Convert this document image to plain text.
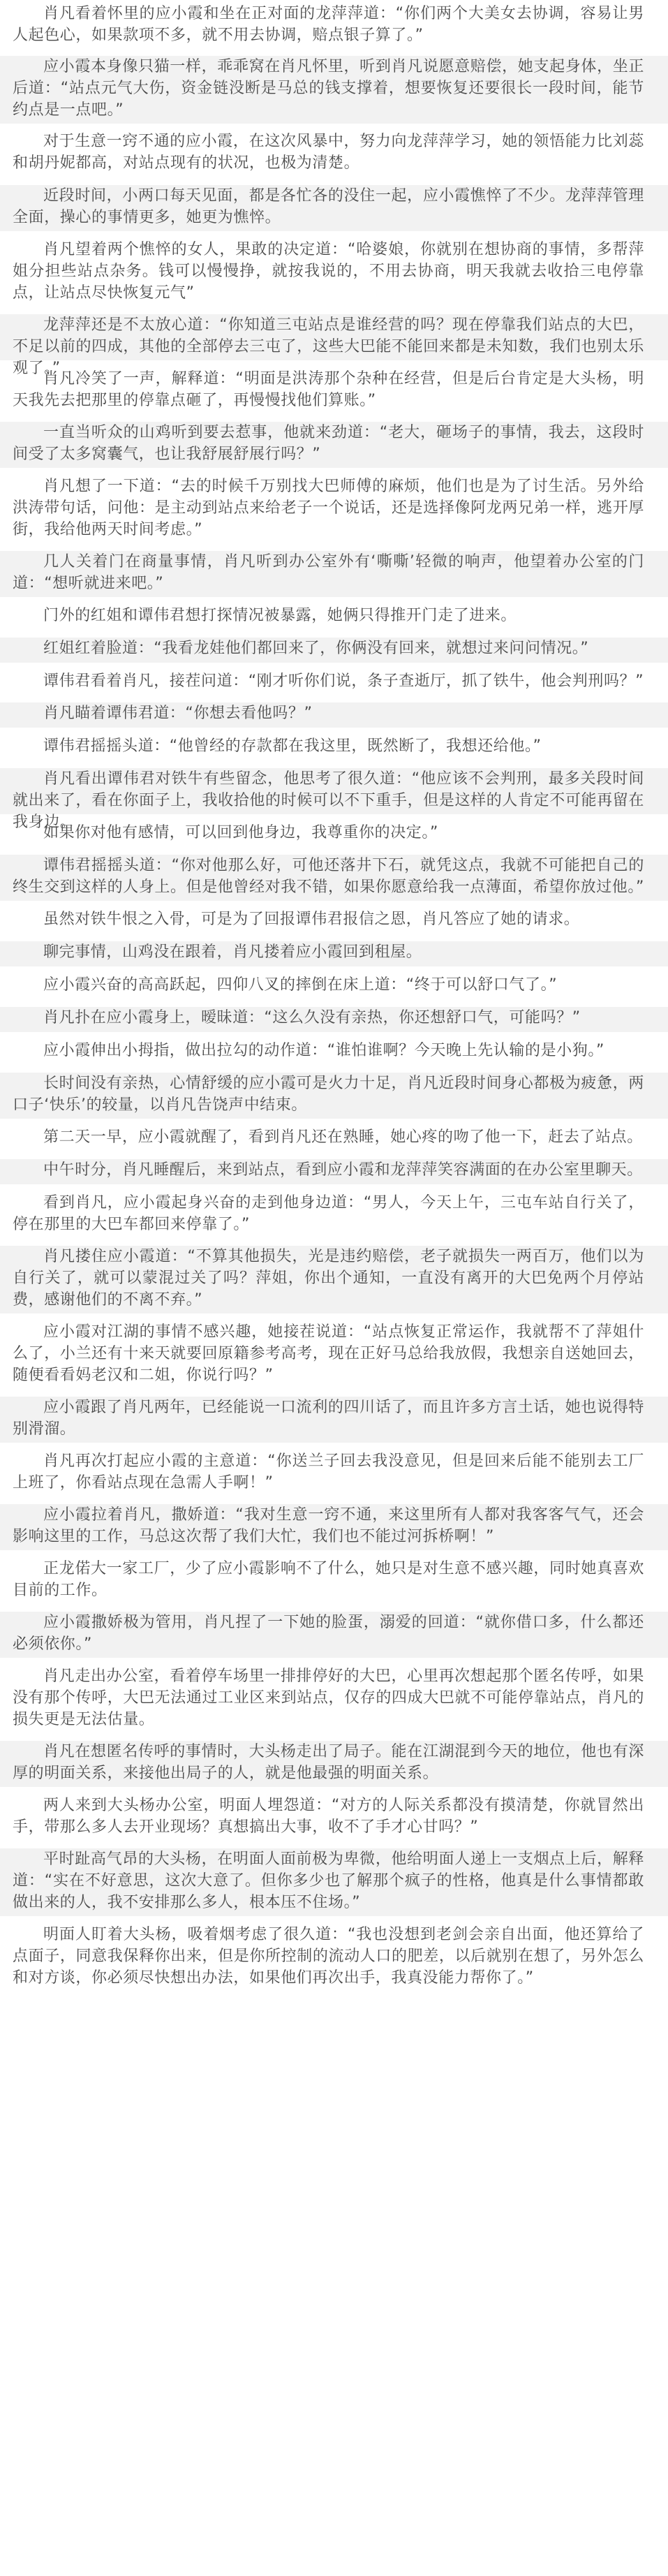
肖凡看着怀里的应小霞和坐在正对面的龙萍萍道：“你们两个大美女去协调，容易让男人起色心，如果款项不多，就不用去协调，赔点银子算了。”

应小霞本身像只猫一样，乖乖窝在肖凡怀里，听到肖凡说愿意赔偿，她支起身体，坐正后道：“站点元气大伤，资金链没断是马总的钱支撑着，想要恢复还要很长一段时间，能节约点是一点吧。”

对于生意一窍不通的应小霞，在这次风暴中，努力向龙萍萍学习，她的领悟能力比刘蕊和胡丹妮都高，对站点现有的状况，也极为清楚。

近段时间，小两口每天见面，都是各忙各的没住一起，应小霞憔悴了不少。龙萍萍管理全面，操心的事情更多，她更为憔悴。

肖凡望着两个憔悴的女人，果敢的决定道：“哈婆娘，你就别在想协商的事情，多帮萍姐分担些站点杂务。钱可以慢慢挣，就按我说的，不用去协商，明天我就去收拾三电停靠点，让站点尽快恢复元气”

龙萍萍还是不太放心道：“你知道三屯站点是谁经营的吗？现在停靠我们站点的大巴，不足以前的四成，其他的全部停去三屯了，这些大巴能不能回来都是未知数，我们也别太乐观了。”

肖凡冷笑了一声，解释道：“明面是洪涛那个杂种在经营，但是后台肯定是大头杨，明天我先去把那里的停靠点砸了，再慢慢找他们算账。”

一直当听众的山鸡听到要去惹事，他就来劲道：“老大，砸场子的事情，我去，这段时间受了太多窝囊气，也让我舒展舒展行吗？”

肖凡想了一下道：“去的时候千万别找大巴师傅的麻烦，他们也是为了讨生活。另外给洪涛带句话，问他：是主动到站点来给老子一个说话，还是选择像阿龙两兄弟一样，逃开厚街，我给他两天时间考虑。”

几人关着门在商量事情，肖凡听到办公室外有‘嘶嘶’轻微的响声，他望着办公室的门道：“想听就进来吧。”

门外的红姐和谭伟君想打探情况被暴露，她俩只得推开门走了进来。

红姐红着脸道：“我看龙娃他们都回来了，你俩没有回来，就想过来问问情况。”

谭伟君看着肖凡，接茬问道：“刚才听你们说，条子查逝厅，抓了铁牛，他会判刑吗？”

肖凡瞄着谭伟君道：“你想去看他吗？”

谭伟君摇摇头道：“他曾经的存款都在我这里，既然断了，我想还给他。”

肖凡看出谭伟君对铁牛有些留念，他思考了很久道：“他应该不会判刑，最多关段时间就出来了，看在你面子上，我收拾他的时候可以不下重手，但是这样的人肯定不可能再留在我身边。

如果你对他有感情，可以回到他身边，我尊重你的决定。”

谭伟君摇摇头道：“你对他那么好，可他还落井下石，就凭这点，我就不可能把自己的终生交到这样的人身上。但是他曾经对我不错，如果你愿意给我一点薄面，希望你放过他。”

虽然对铁牛恨之入骨，可是为了回报谭伟君报信之恩，肖凡答应了她的请求。

聊完事情，山鸡没在跟着，肖凡搂着应小霞回到租屋。

应小霞兴奋的高高跃起，四仰八叉的摔倒在床上道：“终于可以舒口气了。”

肖凡扑在应小霞身上，暧昧道：“这么久没有亲热，你还想舒口气，可能吗？”

应小霞伸出小拇指，做出拉勾的动作道：“谁怕谁啊？今天晚上先认输的是小狗。”

长时间没有亲热，心情舒缓的应小霞可是火力十足，肖凡近段时间身心都极为疲惫，两口子‘快乐’的较量，以肖凡告饶声中结束。

第二天一早，应小霞就醒了，看到肖凡还在熟睡，她心疼的吻了他一下，赶去了站点。

中午时分，肖凡睡醒后，来到站点，看到应小霞和龙萍萍笑容满面的在办公室里聊天。

看到肖凡，应小霞起身兴奋的走到他身边道：“男人，今天上午，三屯车站自行关了，停在那里的大巴车都回来停靠了。”

肖凡搂住应小霞道：“不算其他损失，光是违约赔偿，老子就损失一两百万，他们以为自行关了，就可以蒙混过关了吗？萍姐，你出个通知，一直没有离开的大巴免两个月停站费，感谢他们的不离不弃。”

应小霞对江湖的事情不感兴趣，她接茬说道：“站点恢复正常运作，我就帮不了萍姐什么了，小兰还有十来天就要回原籍参考高考，现在正好马总给我放假，我想亲自送她回去，随便看看妈老汉和二姐，你说行吗？”

应小霞跟了肖凡两年，已经能说一口流利的四川话了，而且许多方言土话，她也说得特别滑溜。

肖凡再次打起应小霞的主意道：“你送兰子回去我没意见，但是回来后能不能别去工厂上班了，你看站点现在急需人手啊！”

应小霞拉着肖凡，撒娇道：“我对生意一窍不通，来这里所有人都对我客客气气，还会影响这里的工作，马总这次帮了我们大忙，我们也不能过河拆桥啊！”

正龙偌大一家工厂，少了应小霞影响不了什么，她只是对生意不感兴趣，同时她真喜欢目前的工作。

应小霞撒娇极为管用，肖凡捏了一下她的脸蛋，溺爱的回道：“就你借口多，什么都还必须依你。”

肖凡走出办公室，看着停车场里一排排停好的大巴，心里再次想起那个匿名传呼，如果没有那个传呼，大巴无法通过工业区来到站点，仅存的四成大巴就不可能停靠站点，肖凡的损失更是无法估量。

肖凡在想匿名传呼的事情时，大头杨走出了局子。能在江湖混到今天的地位，他也有深厚的明面关系，来接他出局子的人，就是他最强的明面关系。

两人来到大头杨办公室，明面人埋怨道：“对方的人际关系都没有摸清楚，你就冒然出手，带那么多人去开业现场？真想搞出大事，收不了手才心甘吗？”

平时趾高气昂的大头杨，在明面人面前极为卑微，他给明面人递上一支烟点上后，解释道：“实在不好意思，这次大意了。但你多少也了解那个疯子的性格，他真是什么事情都敢做出来的人，我不安排那么多人，根本压不住场。”

明面人盯着大头杨，吸着烟考虑了很久道：“我也没想到老剑会亲自出面，他还算给了点面子，同意我保释你出来，但是你所控制的流动人口的肥差，以后就别在想了，另外怎么和对方谈，你必须尽快想出办法，如果他们再次出手，我真没能力帮你了。”
